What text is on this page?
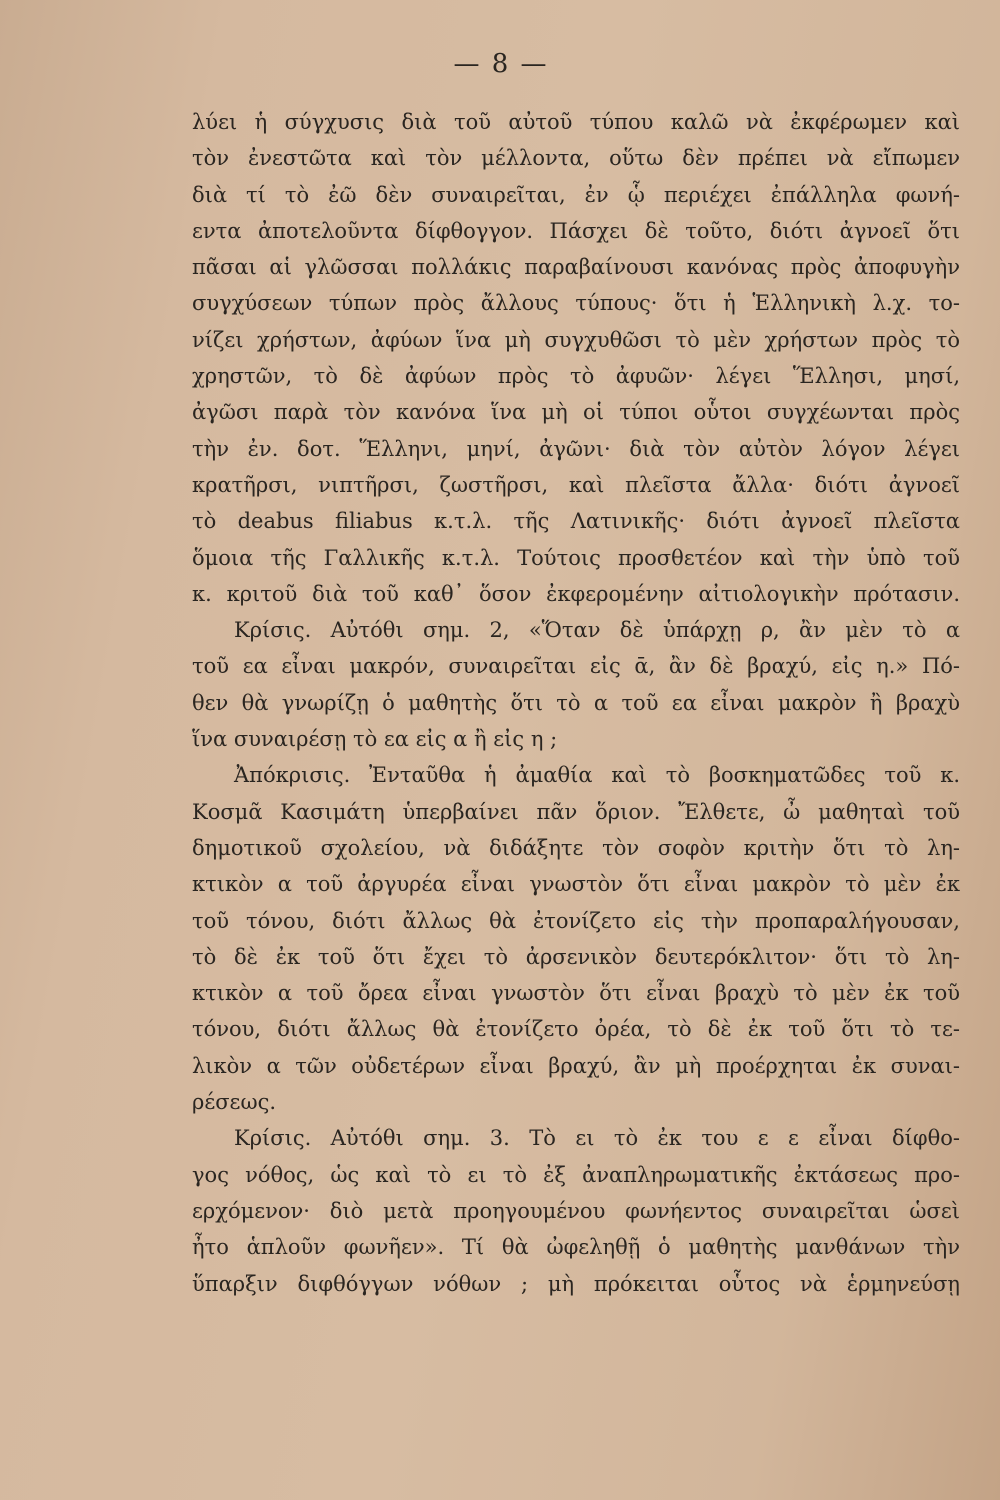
— 8 —
λύει ἡ σύγχυσις διὰ τοῦ αὐτοῦ τύπου καλῶ νὰ ἐκφέρωμεν καὶ
τὸν ἐνεστῶτα καὶ τὸν μέλλοντα, οὕτω δὲν πρέπει νὰ εἴπωμεν
διὰ τί τὸ ἐῶ δὲν συναιρεῖται, ἐν ᾧ περιέχει ἐπάλληλα φωνή-
εντα ἀποτελοῦντα δίφθογγον. Πάσχει δὲ τοῦτο, διότι ἀγνοεῖ ὅτι
πᾶσαι αἱ γλῶσσαι πολλάκις παραβαίνουσι κανόνας πρὸς ἀποφυγὴν
συγχύσεων τύπων πρὸς ἄλλους τύπους· ὅτι ἡ Ἑλληνικὴ λ.χ. το-
νίζει χρήστων, ἀφύων ἵνα μὴ συγχυθῶσι τὸ μὲν χρήστων πρὸς τὸ
χρηστῶν, τὸ δὲ ἀφύων πρὸς τὸ ἀφυῶν· λέγει Ἕλλησι, μησί,
ἀγῶσι παρὰ τὸν κανόνα ἵνα μὴ οἱ τύποι οὗτοι συγχέωνται πρὸς
τὴν ἐν. δοτ. Ἕλληνι, μηνί, ἀγῶνι· διὰ τὸν αὐτὸν λόγον λέγει
κρατῆρσι, νιπτῆρσι, ζωστῆρσι, καὶ πλεῖστα ἄλλα· διότι ἀγνοεῖ
τὸ deabus filiabus κ.τ.λ. τῆς Λατινικῆς· διότι ἀγνοεῖ πλεῖστα
ὅμοια τῆς Γαλλικῆς κ.τ.λ. Τούτοις προσθετέον καὶ τὴν ὑπὸ τοῦ
κ. κριτοῦ διὰ τοῦ καθ᾽ ὅσον ἐκφερομένην αἰτιολογικὴν πρότασιν.
Κρίσις. Αὐτόθι σημ. 2, «Ὅταν δὲ ὑπάρχῃ ρ, ἂν μὲν τὸ α
τοῦ εα εἶναι μακρόν, συναιρεῖται εἰς ᾱ, ἂν δὲ βραχύ, εἰς η.» Πό-
θεν θὰ γνωρίζῃ ὁ μαθητὴς ὅτι τὸ α τοῦ εα εἶναι μακρὸν ἢ βραχὺ
ἵνα συναιρέσῃ τὸ εα εἰς α ἢ εἰς η ;
Ἀπόκρισις. Ἐνταῦθα ἡ ἀμαθία καὶ τὸ βοσκηματῶδες τοῦ κ.
Κοσμᾶ Κασιμάτη ὑπερβαίνει πᾶν ὅριον. Ἔλθετε, ὦ μαθηταὶ τοῦ
δημοτικοῦ σχολείου, νὰ διδάξητε τὸν σοφὸν κριτὴν ὅτι τὸ λη-
κτικὸν α τοῦ ἀργυρέα εἶναι γνωστὸν ὅτι εἶναι μακρὸν τὸ μὲν ἐκ
τοῦ τόνου, διότι ἄλλως θὰ ἐτονίζετο εἰς τὴν προπαραλήγουσαν,
τὸ δὲ ἐκ τοῦ ὅτι ἔχει τὸ ἀρσενικὸν δευτερόκλιτον· ὅτι τὸ λη-
κτικὸν α τοῦ ὄρεα εἶναι γνωστὸν ὅτι εἶναι βραχὺ τὸ μὲν ἐκ τοῦ
τόνου, διότι ἄλλως θὰ ἐτονίζετο ὀρέα, τὸ δὲ ἐκ τοῦ ὅτι τὸ τε-
λικὸν α τῶν οὐδετέρων εἶναι βραχύ, ἂν μὴ προέρχηται ἐκ συναι-
ρέσεως.
Κρίσις. Αὐτόθι σημ. 3. Τὸ ει τὸ ἐκ του ε ε εἶναι δίφθο-
γος νόθος, ὡς καὶ τὸ ει τὸ ἐξ ἀναπληρωματικῆς ἐκτάσεως προ-
ερχόμενον· διὸ μετὰ προηγουμένου φωνήεντος συναιρεῖται ὡσεὶ
ἦτο ἁπλοῦν φωνῆεν». Τί θὰ ὠφεληθῇ ὁ μαθητὴς μανθάνων τὴν
ὕπαρξιν διφθόγγων νόθων ; μὴ πρόκειται οὗτος νὰ ἑρμηνεύσῃ
